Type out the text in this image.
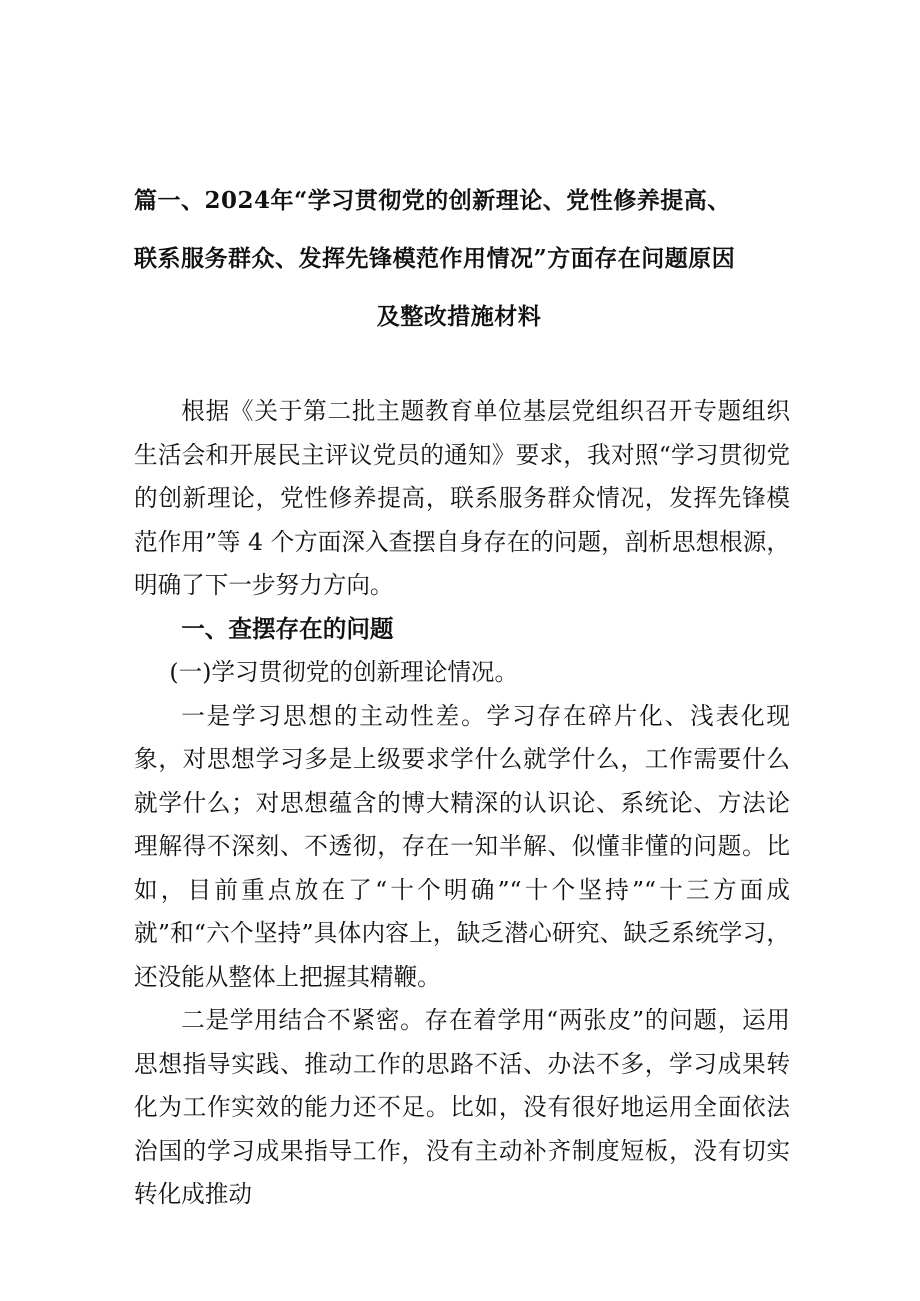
篇一、2024年“学习贯彻党的创新理论、党性修养提高、
联系服务群众、发挥先锋模范作用情况”方面存在问题原因
及整改措施材料

根据《关于第二批主题教育单位基层党组织召开专题组织生活会和开展民主评议党员的通知》要求，我对照“学习贯彻党的创新理论，党性修养提高，联系服务群众情况，发挥先锋模范作用”等 4 个方面深入查摆自身存在的问题，剖析思想根源，明确了下一步努力方向。

一、查摆存在的问题

(一)学习贯彻党的创新理论情况。

一是学习思想的主动性差。学习存在碎片化、浅表化现象，对思想学习多是上级要求学什么就学什么，工作需要什么就学什么；对思想蕴含的博大精深的认识论、系统论、方法论理解得不深刻、不透彻，存在一知半解、似懂非懂的问题。比如，目前重点放在了“十个明确”“十个坚持”“十三方面成就”和“六个坚持”具体内容上，缺乏潜心研究、缺乏系统学习，还没能从整体上把握其精鞭。

二是学用结合不紧密。存在着学用“两张皮”的问题，运用思想指导实践、推动工作的思路不活、办法不多，学习成果转化为工作实效的能力还不足。比如，没有很好地运用全面依法治国的学习成果指导工作，没有主动补齐制度短板，没有切实转化成推动
